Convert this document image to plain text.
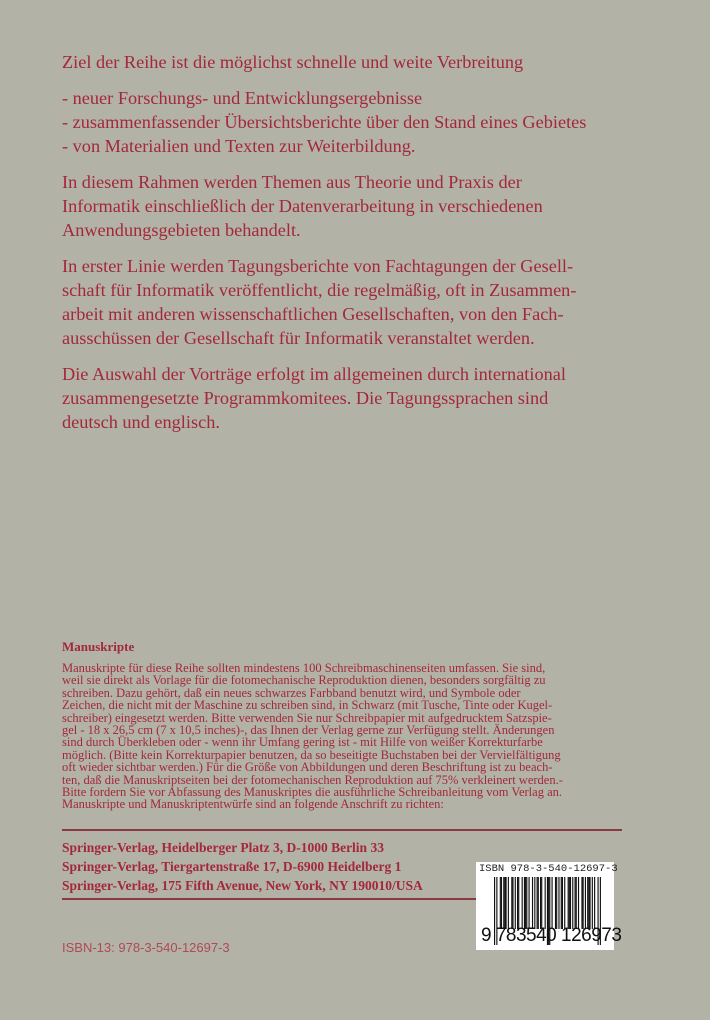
Ziel der Reihe ist die möglichst schnelle und weite Verbreitung
- neuer Forschungs- und Entwicklungsergebnisse
- zusammenfassender Übersichtsberichte über den Stand eines Gebietes
- von Materialien und Texten zur Weiterbildung.
In diesem Rahmen werden Themen aus Theorie und Praxis der
Informatik einschließlich der Datenverarbeitung in verschiedenen
Anwendungsgebieten behandelt.
In erster Linie werden Tagungsberichte von Fachtagungen der Gesell-
schaft für Informatik veröffentlicht, die regelmäßig, oft in Zusammen-
arbeit mit anderen wissenschaftlichen Gesellschaften, von den Fach-
ausschüssen der Gesellschaft für Informatik veranstaltet werden.
Die Auswahl der Vorträge erfolgt im allgemeinen durch international
zusammengesetzte Programmkomitees. Die Tagungssprachen sind
deutsch und englisch.
Manuskripte
Manuskripte für diese Reihe sollten mindestens 100 Schreibmaschinenseiten umfassen. Sie sind,
weil sie direkt als Vorlage für die fotomechanische Reproduktion dienen, besonders sorgfältig zu
schreiben. Dazu gehört, daß ein neues schwarzes Farbband benutzt wird, und Symbole oder
Zeichen, die nicht mit der Maschine zu schreiben sind, in Schwarz (mit Tusche, Tinte oder Kugel-
schreiber) eingesetzt werden. Bitte verwenden Sie nur Schreibpapier mit aufgedrucktem Satzspie-
gel - 18 x 26,5 cm (7 x 10,5 inches)-, das Ihnen der Verlag gerne zur Verfügung stellt. Änderungen
sind durch Überkleben oder - wenn ihr Umfang gering ist - mit Hilfe von weißer Korrekturfarbe
möglich. (Bitte kein Korrekturpapier benutzen, da so beseitigte Buchstaben bei der Vervielfältigung
oft wieder sichtbar werden.) Für die Größe von Abbildungen und deren Beschriftung ist zu beach-
ten, daß die Manuskriptseiten bei der fotomechanischen Reproduktion auf 75% verkleinert werden.-
Bitte fordern Sie vor Abfassung des Manuskriptes die ausführliche Schreibanleitung vom Verlag an.
Manuskripte und Manuskriptentwürfe sind an folgende Anschrift zu richten:
Springer-Verlag, Heidelberger Platz 3, D-1000 Berlin 33
Springer-Verlag, Tiergartenstraße 17, D-6900 Heidelberg 1
Springer-Verlag, 175 Fifth Avenue, New York, NY 190010/USA
ISBN-13: 978-3-540-12697-3
ISBN 978-3-540-12697-3
9 783540 126973
